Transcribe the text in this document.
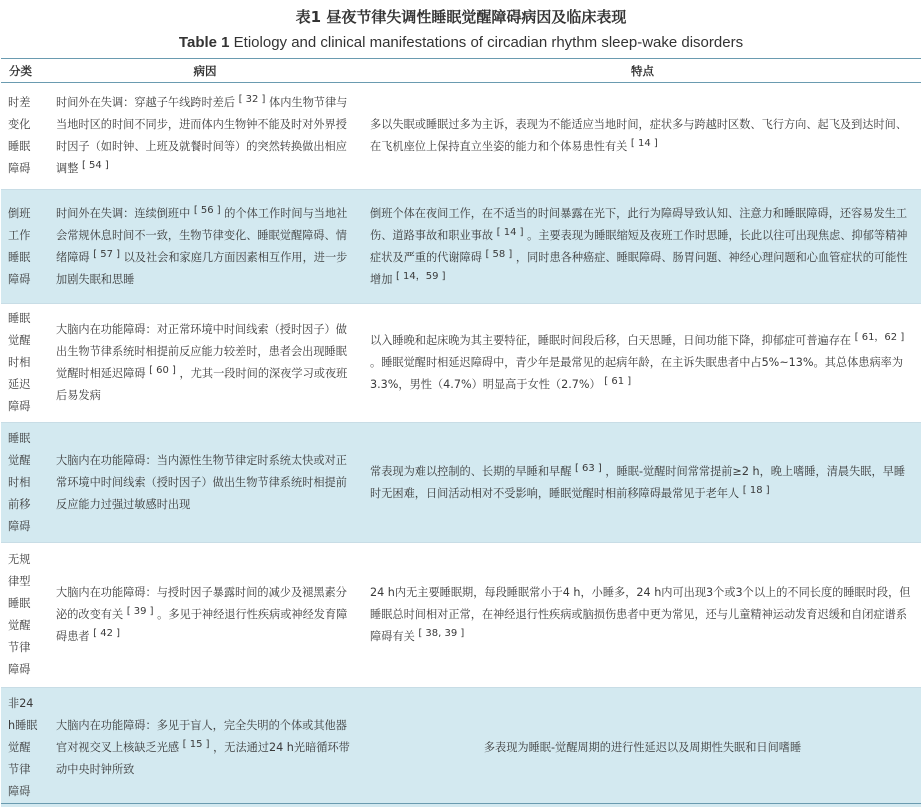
表1 昼夜节律失调性睡眠觉醒障碍病因及临床表现
Table 1 Etiology and clinical manifestations of circadian rhythm sleep-wake disorders
分类	病因	特点

时差变化睡眠障碍	时间外在失调：穿越子午线跨时差后 [ 32 ] 体内生物节律与当地时区的时间不同步，进而体内生物钟不能及时对外界授时因子（如时钟、上班及就餐时间等）的突然转换做出相应调整 [ 54 ]	多以失眠或睡眠过多为主诉，表现为不能适应当地时间，症状多与跨越时区数、飞行方向、起飞及到达时间、在飞机座位上保持直立坐姿的能力和个体易患性有关 [ 14 ]

倒班工作睡眠障碍	时间外在失调：连续倒班中 [ 56 ] 的个体工作时间与当地社会常规休息时间不一致，生物节律变化、睡眠觉醒障碍、情绪障碍 [ 57 ] 以及社会和家庭几方面因素相互作用，进一步加剧失眠和思睡	倒班个体在夜间工作，在不适当的时间暴露在光下，此行为障碍导致认知、注意力和睡眠障碍，还容易发生工伤、道路事故和职业事故 [ 14 ] 。主要表现为睡眠缩短及夜班工作时思睡，长此以往可出现焦虑、抑郁等精神症状及严重的代谢障碍 [ 58 ] ，同时患各种癌症、睡眠障碍、肠胃问题、神经心理问题和心血管症状的可能性增加 [ 14，59 ]

睡眠觉醒时相延迟障碍	大脑内在功能障碍：对正常环境中时间线索（授时因子）做出生物节律系统时相提前反应能力较差时，患者会出现睡眠觉醒时相延迟障碍 [ 60 ] ，尤其一段时间的深夜学习或夜班后易发病	以入睡晚和起床晚为其主要特征，睡眠时间段后移，白天思睡，日间功能下降，抑郁症可普遍存在 [ 61，62 ] 。睡眠觉醒时相延迟障碍中，青少年是最常见的起病年龄，在主诉失眠患者中占5%~13%。其总体患病率为3.3%，男性（4.7%）明显高于女性（2.7%） [ 61 ]

睡眠觉醒时相前移障碍	大脑内在功能障碍：当内源性生物节律定时系统太快或对正常环境中时间线索（授时因子）做出生物节律系统时相提前反应能力过强过敏感时出现	常表现为难以控制的、长期的早睡和早醒 [ 63 ] ，睡眠-觉醒时间常常提前≥2 h，晚上嗜睡，清晨失眠，早睡时无困难，日间活动相对不受影响，睡眠觉醒时相前移障碍最常见于老年人 [ 18 ]

无规律型睡眠觉醒节律障碍	大脑内在功能障碍：与授时因子暴露时间的减少及褪黑素分泌的改变有关 [ 39 ] 。多见于神经退行性疾病或神经发育障碍患者 [ 42 ]	24 h内无主要睡眠期，每段睡眠常小于4 h，小睡多，24 h内可出现3个或3个以上的不同长度的睡眠时段，但睡眠总时间相对正常，在神经退行性疾病或脑损伤患者中更为常见，还与儿童精神运动发育迟缓和自闭症谱系障碍有关 [ 38, 39 ]

非24 h睡眠觉醒节律障碍	大脑内在功能障碍：多见于盲人，完全失明的个体或其他器官对视交叉上核缺乏光感 [ 15 ] ，无法通过24 h光暗循环带动中央时钟所致	多表现为睡眠-觉醒周期的进行性延迟以及周期性失眠和日间嗜睡
